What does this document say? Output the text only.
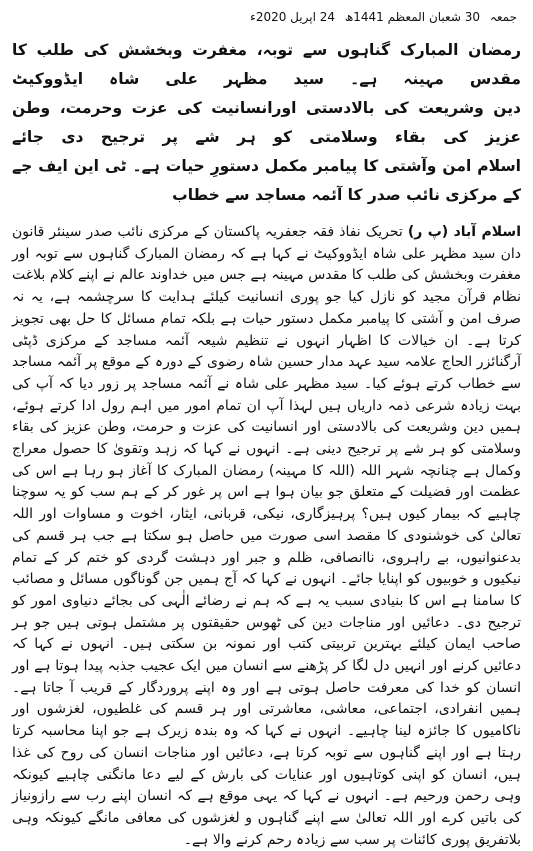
جمعہ 30 شعبان المعظم 1441ھ 24 اپریل 2020ء

رمضان المبارک گناہوں سے توبہ، مغفرت وبخشش کی طلب کا مقدس مہینہ ہے۔ سید مظہر علی شاہ ایڈووکیٹ

دین وشریعت کی بالادستی اورانسانیت کی عزت وحرمت، وطن عزیز کی بقاء وسلامتی کو ہر شے پر ترجیح دی جائے

اسلام امن وآشتی کا پیامبر مکمل دستورِ حیات ہے۔ ٹی این ایف جے کے مرکزی نائب صدر کا آئمہ مساجد سے خطاب

اسلام آباد (پ ر) تحریک نفاذ فقہ جعفریہ پاکستان کے مرکزی نائب صدر سینئر قانون دان سید مظہر علی شاہ ایڈووکیٹ نے کہا ہے کہ رمضان المبارک گناہوں سے توبہ اور مغفرت وبخشش کی طلب کا مقدس مہینہ ہے جس میں خداوند عالم نے اپنے کلام بلاغت نظام قرآن مجید کو نازل کیا جو پوری انسانیت کیلئے ہدایت کا سرچشمہ ہے، یہ نہ صرف امن و آشتی کا پیامبر مکمل دستور حیات ہے بلکہ تمام مسائل کا حل بھی تجویز کرتا ہے۔ ان خیالات کا اظہار انہوں نے تنظیم شیعہ آئمہ مساجد کے مرکزی ڈپٹی آرگنائزر الحاج علامہ سید عہد مدار حسین شاہ رضوی کے دورہ کے موقع پر آئمہ مساجد سے خطاب کرتے ہوئے کیا۔ سید مظہر علی شاہ نے آئمہ مساجد پر زور دیا کہ آپ کی بہت زیادہ شرعی ذمہ داریاں ہیں لہذا آپ ان تمام امور میں اہم رول ادا کرتے ہوئے، ہمیں دین وشریعت کی بالادستی اور انسانیت کی عزت و حرمت، وطن عزیز کی بقاء وسلامتی کو ہر شے پر ترجیح دینی ہے۔ انہوں نے کہا کہ زہد وتقویٰ کا حصول معراج وکمال ہے چنانچہ شہر اللہ (اللہ کا مہینہ) رمضان المبارک کا آغاز ہو رہا ہے اس کی عظمت اور فضیلت کے متعلق جو بیان ہوا ہے اس پر غور کر کے ہم سب کو یہ سوچنا چاہیے کہ بیمار کیوں ہیں؟ پرہیزگاری، نیکی، قربانی، ایثار، اخوت و مساوات اور اللہ تعالیٰ کی خوشنودی کا مقصد اسی صورت میں حاصل ہو سکتا ہے جب ہر قسم کی بدعنوانیوں، بے راہروی، ناانصافی، ظلم و جبر اور دہشت گردی کو ختم کر کے تمام نیکیوں و خوبیوں کو اپنایا جائے۔ انہوں نے کہا کہ آج ہمیں جن گوناگوں مسائل و مصائب کا سامنا ہے اس کا بنیادی سبب یہ ہے کہ ہم نے رضائے الٰہی کی بجائے دنیاوی امور کو ترجیح دی۔ دعائیں اور مناجات دین کی ٹھوس حقیقتوں پر مشتمل ہوتی ہیں جو ہر صاحب ایمان کیلئے بہترین تربیتی کتب اور نمونہ بن سکتی ہیں۔ انہوں نے کہا کہ دعائیں کرنے اور انہیں دل لگا کر پڑھنے سے انسان میں ایک عجیب جذبہ پیدا ہوتا ہے اور انسان کو خدا کی معرفت حاصل ہوتی ہے اور وہ اپنے پروردگار کے قریب آ جاتا ہے۔ ہمیں انفرادی، اجتماعی، معاشی، معاشرتی اور ہر قسم کی غلطیوں، لغزشوں اور ناکامیوں کا جائزہ لینا چاہیے۔ انہوں نے کہا کہ وہ بندہ زیرک ہے جو اپنا محاسبہ کرتا رہتا ہے اور اپنے گناہوں سے توبہ کرتا ہے، دعائیں اور مناجات انسان کی روح کی غذا ہیں، انسان کو اپنی کوتاہیوں اور عنایات کی بارش کے لیے دعا مانگنی چاہیے کیونکہ وہی رحمن ورحیم ہے۔ انہوں نے کہا کہ یہی موقع ہے کہ انسان اپنے رب سے رازونیاز کی باتیں کرے اور اللہ تعالیٰ سے اپنے گناہوں و لغزشوں کی معافی مانگے کیونکہ وہی بلاتفریق پوری کائنات پر سب سے زیادہ رحم کرنے والا ہے۔
